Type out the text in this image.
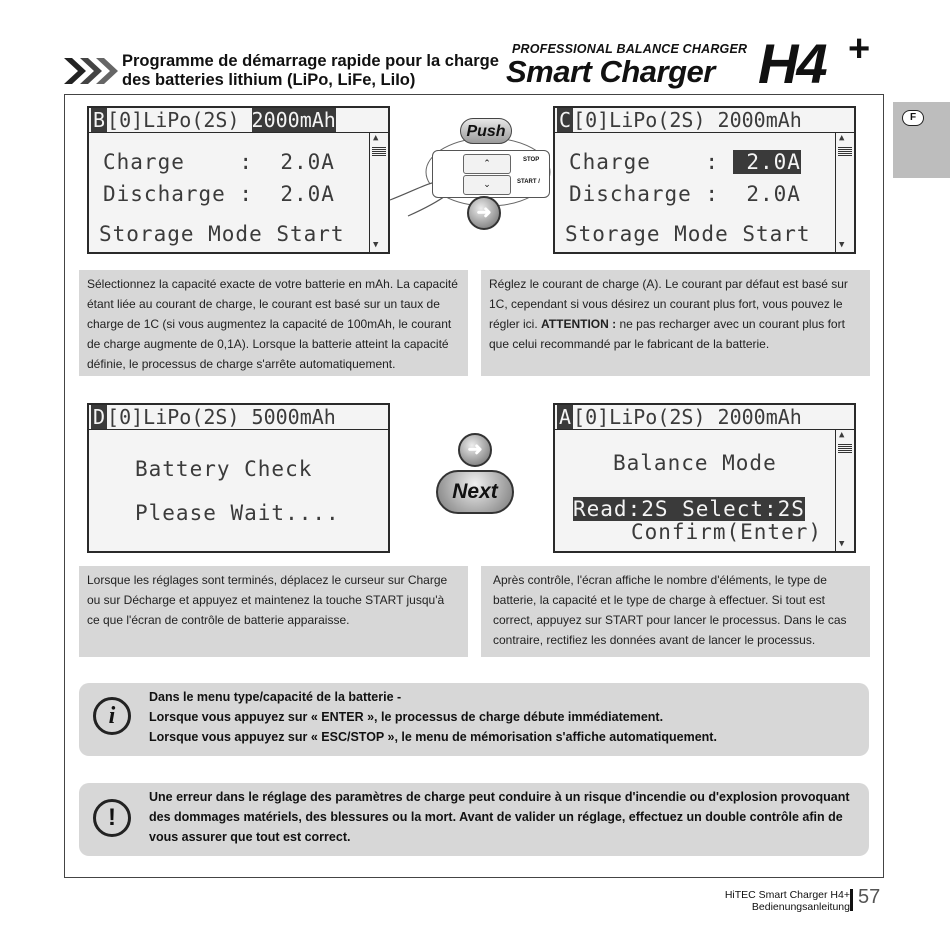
Programme de démarrage rapide pour la charge
des batteries lithium (LiPo, LiFe, LiIo)
PROFESSIONAL BALANCE CHARGER
Smart Charger H4 +
F
B [0]LiPo(2S) 2000mAh
Charge    :  2.0A
Discharge :  2.0A
Storage Mode Start
▲
▼
Push
⌃
⌄
STOP
START /
➜
C [0]LiPo(2S) 2000mAh
Charge    :  2.0A
Discharge :  2.0A
Storage Mode Start
▲
▼
Sélectionnez la capacité exacte de votre batterie en mAh. La capacité étant liée au courant de charge, le courant est basé sur un taux de charge de 1C (si vous augmentez la capacité de 100mAh, le courant de charge augmente de 0,1A). Lorsque la batterie atteint la capacité définie, le processus de charge s'arrête automatiquement.
Réglez le courant de charge (A). Le courant par défaut est basé sur 1C, cependant si vous désirez un courant plus fort, vous pouvez le régler ici. ATTENTION : ne pas recharger avec un courant plus fort que celui recommandé par le fabricant de la batterie.
D [0]LiPo(2S) 5000mAh
Battery Check
Please Wait....
➜
Next
A [0]LiPo(2S) 2000mAh
Balance Mode
Read:2S Select:2S
Confirm(Enter)
▲
▼
Lorsque les réglages sont terminés, déplacez le curseur sur Charge ou sur Décharge et appuyez et maintenez la touche START jusqu'à ce que l'écran de contrôle de batterie apparaisse.
Après contrôle, l'écran affiche le nombre d'éléments, le type de batterie, la capacité et le type de charge à effectuer. Si tout est correct, appuyez sur START pour lancer le processus. Dans le cas contraire, rectifiez les données avant de lancer le processus.
i
Dans le menu type/capacité de la batterie -
Lorsque vous appuyez sur « ENTER », le processus de charge débute immédiatement.
Lorsque vous appuyez sur « ESC/STOP », le menu de mémorisation s'affiche automatiquement.
!
Une erreur dans le réglage des paramètres de charge peut conduire à un risque d'incendie ou d'explosion provoquant des dommages matériels, des blessures ou la mort. Avant de valider un réglage, effectuez un double contrôle afin de vous assurer que tout est correct.
HiTEC Smart Charger H4+
Bedienungsanleitung 57
